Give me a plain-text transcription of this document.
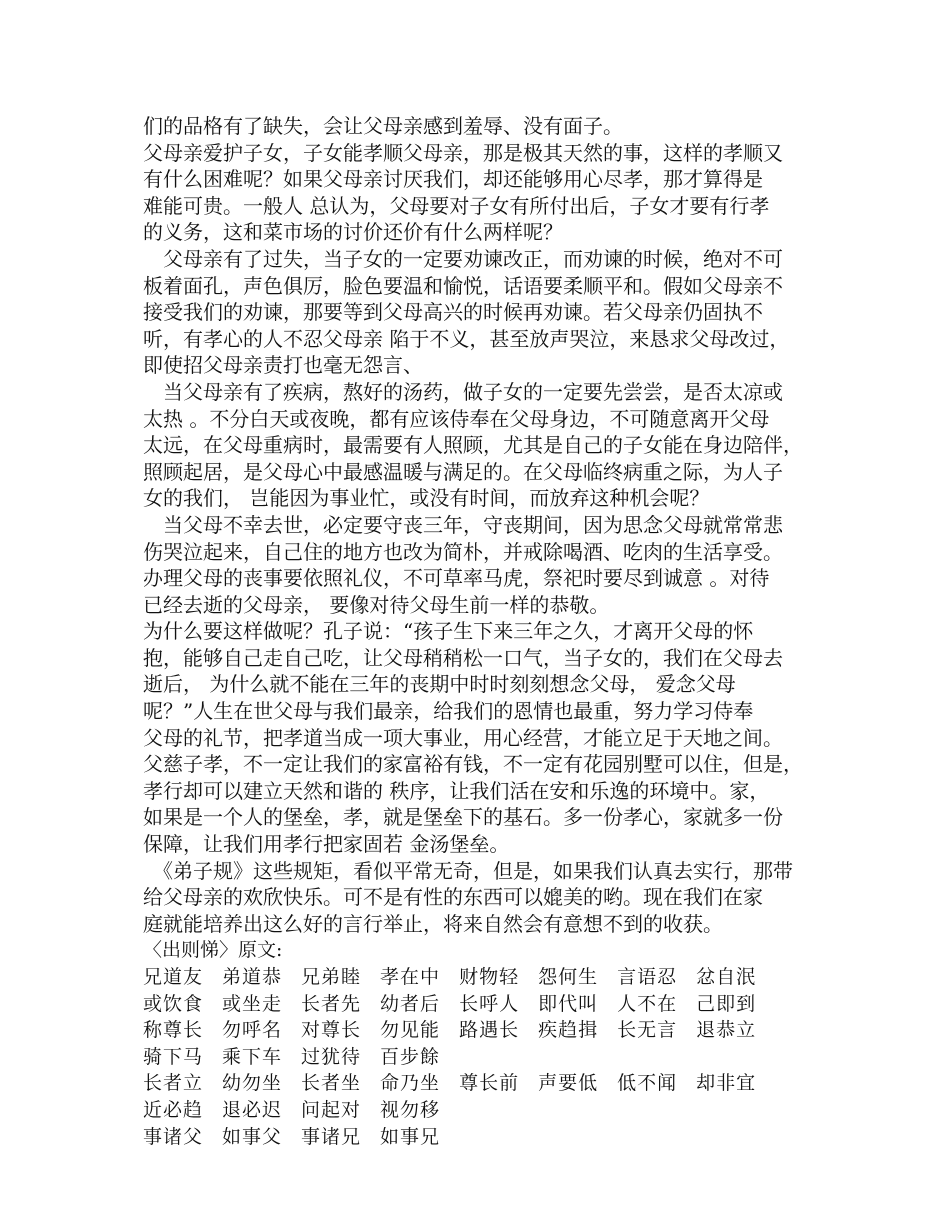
们的品格有了缺失，会让父母亲感到羞辱、没有面子。
父母亲爱护子女，子女能孝顺父母亲，那是极其天然的事，这样的孝顺又
有什么困难呢？如果父母亲讨厌我们，却还能够用心尽孝，那才算得是
难能可贵。一般人 总认为，父母要对子女有所付出后，子女才要有行孝
的义务，这和菜市场的讨价还价有什么两样呢？
　父母亲有了过失，当子女的一定要劝谏改正，而劝谏的时候，绝对不可
板着面孔，声色俱厉，脸色要温和愉悦，话语要柔顺平和。假如父母亲不
接受我们的劝谏，那要等到父母高兴的时候再劝谏。若父母亲仍固执不
听，有孝心的人不忍父母亲 陷于不义，甚至放声哭泣，来恳求父母改过，
即使招父母亲责打也毫无怨言、
　当父母亲有了疾病，熬好的汤药，做子女的一定要先尝尝，是否太凉或
太热 。不分白天或夜晚，都有应该侍奉在父母身边，不可随意离开父母
太远，在父母重病时，最需要有人照顾，尤其是自己的子女能在身边陪伴，
照顾起居，是父母心中最感温暖与满足的。在父母临终病重之际，为人子
女的我们， 岂能因为事业忙，或没有时间，而放弃这种机会呢？
　当父母不幸去世，必定要守丧三年，守丧期间，因为思念父母就常常悲
伤哭泣起来，自己住的地方也改为简朴，并戒除喝酒、吃肉的生活享受。
办理父母的丧事要依照礼仪，不可草率马虎，祭祀时要尽到诚意 。对待
已经去逝的父母亲， 要像对待父母生前一样的恭敬。
为什么要这样做呢？孔子说：“孩子生下来三年之久，才离开父母的怀
抱，能够自己走自己吃，让父母稍稍松一口气，当子女的，我们在父母去
逝后， 为什么就不能在三年的丧期中时时刻刻想念父母， 爱念父母
呢？”人生在世父母与我们最亲，给我们的恩情也最重，努力学习侍奉
父母的礼节，把孝道当成一项大事业，用心经营，才能立足于天地之间。
父慈子孝，不一定让我们的家富裕有钱，不一定有花园别墅可以住，但是，
孝行却可以建立天然和谐的 秩序，让我们活在安和乐逸的环境中。家，
如果是一个人的堡垒，孝，就是堡垒下的基石。多一份孝心，家就多一份
保障，让我们用孝行把家固若 金汤堡垒。
　《弟子规》这些规矩，看似平常无奇，但是，如果我们认真去实行，那带
给父母亲的欢欣快乐。可不是有性的东西可以媲美的哟。现在我们在家
庭就能培养出这么好的言行举止，将来自然会有意想不到的收获。
〈出则悌〉原文:
兄道友 弟道恭 兄弟睦 孝在中 财物轻 怨何生 言语忍 忿自泯
或饮食 或坐走 长者先 幼者后 长呼人 即代叫 人不在 己即到
称尊长 勿呼名 对尊长 勿见能 路遇长 疾趋揖 长无言 退恭立
骑下马 乘下车 过犹待 百步餘
长者立 幼勿坐 长者坐 命乃坐 尊长前 声要低 低不闻 却非宜
近必趋 退必迟 问起对 视勿移
事诸父 如事父 事诸兄 如事兄
